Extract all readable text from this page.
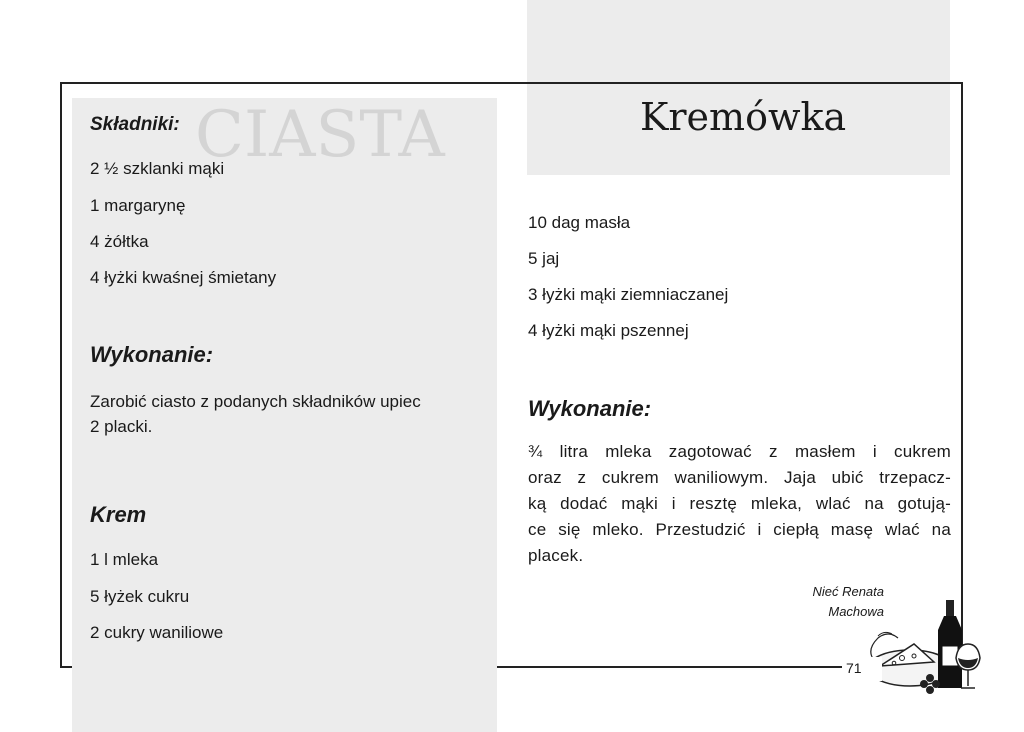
CIASTA	Kremówka
Składniki:
2 ½ szklanki mąki
1 margarynę
4 żółtka
4 łyżki kwaśnej śmietany
Wykonanie:
Zarobić ciasto z podanych składników upiec
2 placki.
Krem
1 l mleka
5 łyżek cukru
2 cukry waniliowe
10 dag masła
5 jaj
3 łyżki mąki ziemniaczanej
4 łyżki mąki pszennej
Wykonanie:
¾ litra mleka zagotować z masłem i cukrem
oraz z cukrem waniliowym. Jaja ubić trzepacz-
ką dodać mąki i resztę mleka, wlać na gotują-
ce się mleko. Przestudzić i ciepłą masę wlać na
placek.
Nieć Renata
Machowa
71
